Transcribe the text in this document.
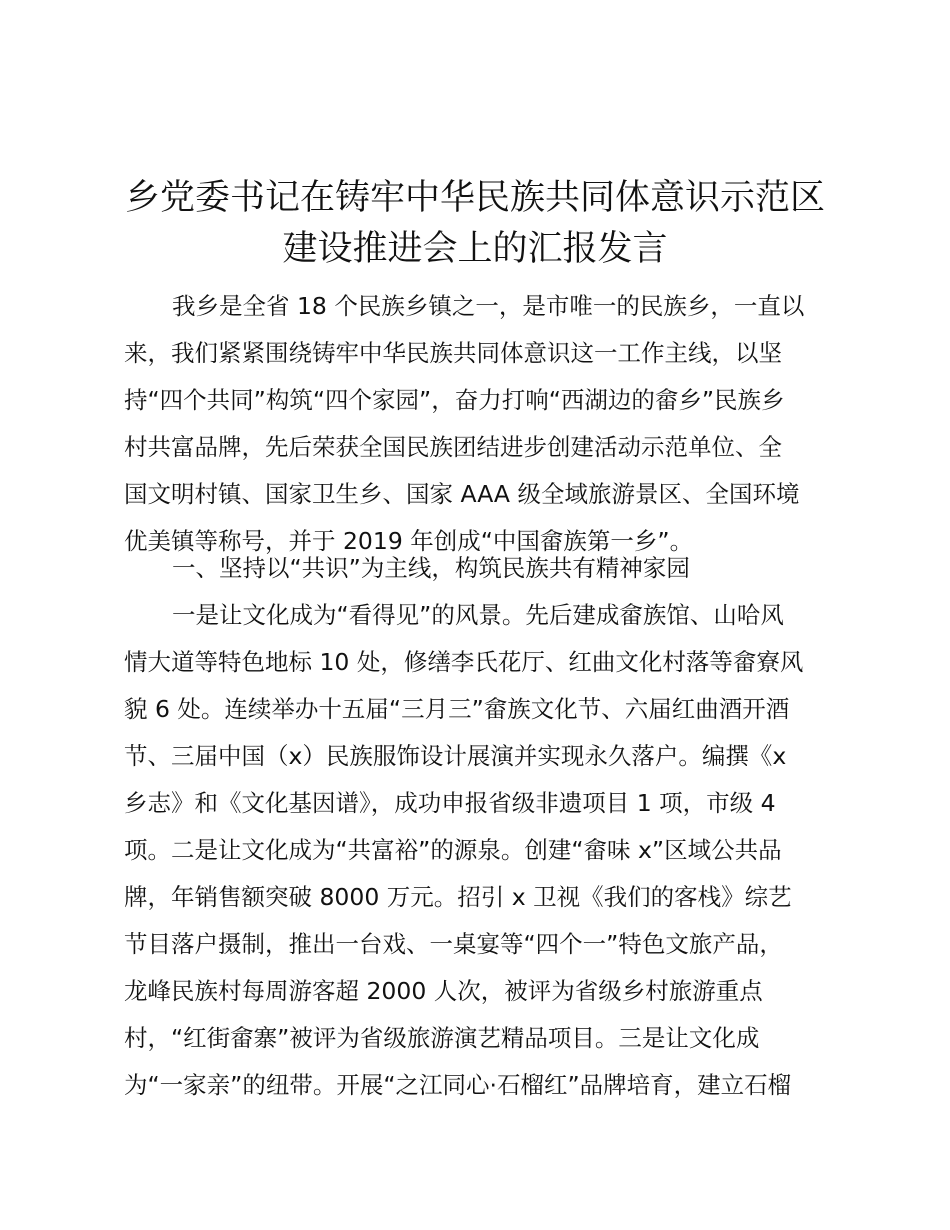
乡党委书记在铸牢中华民族共同体意识示范区
建设推进会上的汇报发言
我乡是全省 18 个民族乡镇之一，是市唯一的民族乡，一直以
来，我们紧紧围绕铸牢中华民族共同体意识这一工作主线，以坚
持“四个共同”构筑“四个家园”，奋力打响“西湖边的畲乡”民族乡
村共富品牌，先后荣获全国民族团结进步创建活动示范单位、全
国文明村镇、国家卫生乡、国家 AAA 级全域旅游景区、全国环境
优美镇等称号，并于 2019 年创成“中国畲族第一乡”。
一、坚持以“共识”为主线，构筑民族共有精神家园
一是让文化成为“看得见”的风景。先后建成畲族馆、山哈风
情大道等特色地标 10 处，修缮李氏花厅、红曲文化村落等畲寮风
貌 6 处。连续举办十五届“三月三”畲族文化节、六届红曲酒开酒
节、三届中国（x）民族服饰设计展演并实现永久落户。编撰《x
乡志》和《文化基因谱》，成功申报省级非遗项目 1 项，市级 4
项。二是让文化成为“共富裕”的源泉。创建“畲味 x”区域公共品
牌，年销售额突破 8000 万元。招引 x 卫视《我们的客栈》综艺
节目落户摄制，推出一台戏、一桌宴等“四个一”特色文旅产品，
龙峰民族村每周游客超 2000 人次，被评为省级乡村旅游重点
村，“红街畲寨”被评为省级旅游演艺精品项目。三是让文化成
为“一家亲”的纽带。开展“之江同心·石榴红”品牌培育，建立石榴
